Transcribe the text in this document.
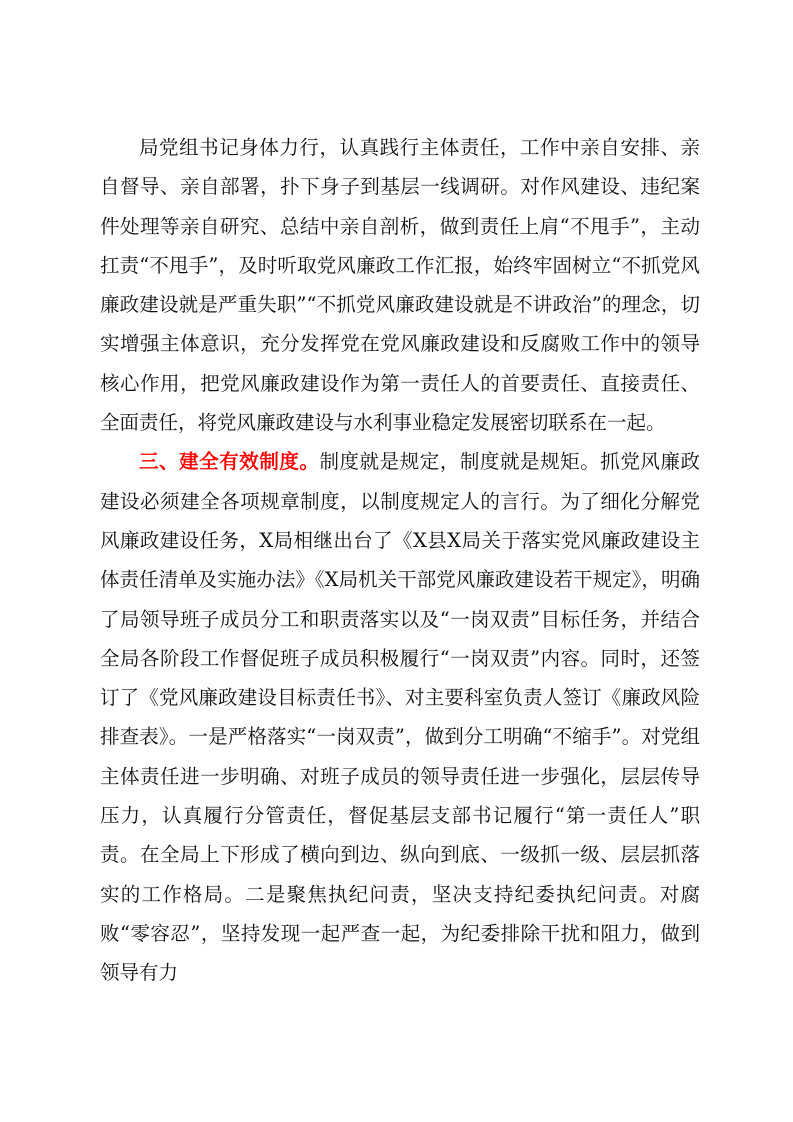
局党组书记身体力行，认真践行主体责任，工作中亲自安排、亲自督导、亲自部署，扑下身子到基层一线调研。对作风建设、违纪案件处理等亲自研究、总结中亲自剖析，做到责任上肩“不甩手”，主动扛责“不甩手”，及时听取党风廉政工作汇报，始终牢固树立“不抓党风廉政建设就是严重失职”“不抓党风廉政建设就是不讲政治”的理念，切实增强主体意识，充分发挥党在党风廉政建设和反腐败工作中的领导核心作用，把党风廉政建设作为第一责任人的首要责任、直接责任、全面责任，将党风廉政建设与水利事业稳定发展密切联系在一起。

三、建全有效制度。制度就是规定，制度就是规矩。抓党风廉政建设必须建全各项规章制度，以制度规定人的言行。为了细化分解党风廉政建设任务，X局相继出台了《X县X局关于落实党风廉政建设主体责任清单及实施办法》《X局机关干部党风廉政建设若干规定》，明确了局领导班子成员分工和职责落实以及“一岗双责”目标任务，并结合全局各阶段工作督促班子成员积极履行“一岗双责”内容。同时，还签订了《党风廉政建设目标责任书》、对主要科室负责人签订《廉政风险排查表》。一是严格落实“一岗双责”，做到分工明确“不缩手”。对党组主体责任进一步明确、对班子成员的领导责任进一步强化，层层传导压力，认真履行分管责任，督促基层支部书记履行“第一责任人”职责。在全局上下形成了横向到边、纵向到底、一级抓一级、层层抓落实的工作格局。二是聚焦执纪问责，坚决支持纪委执纪问责。对腐败“零容忍”，坚持发现一起严查一起，为纪委排除干扰和阻力，做到领导有力
